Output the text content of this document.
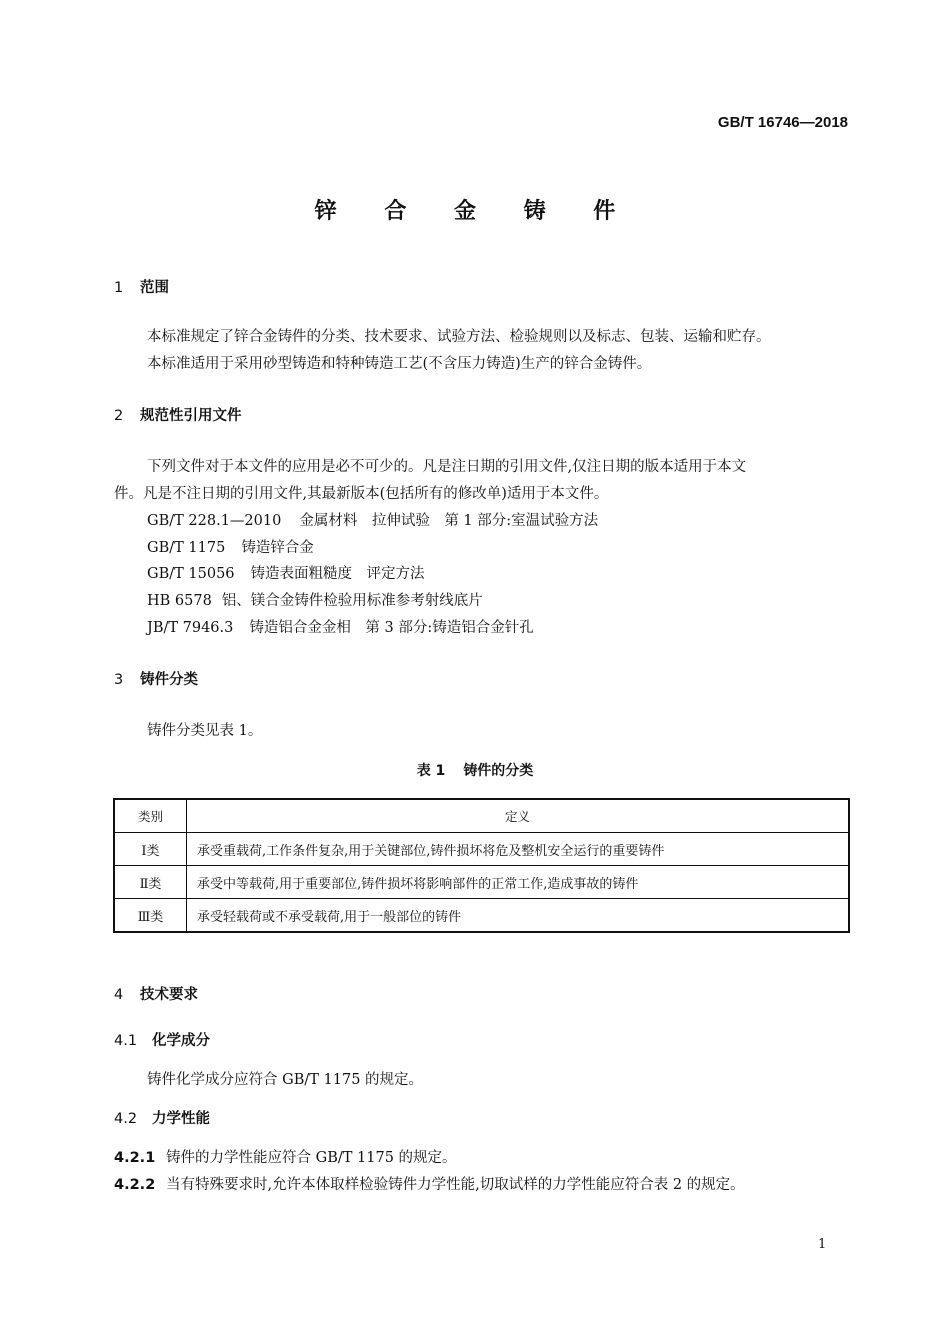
GB/T 16746—2018
锌 合 金 铸 件
1 范围
本标准规定了锌合金铸件的分类、技术要求、试验方法、检验规则以及标志、包装、运输和贮存。
本标准适用于采用砂型铸造和特种铸造工艺(不含压力铸造)生产的锌合金铸件。
2 规范性引用文件
下列文件对于本文件的应用是必不可少的。凡是注日期的引用文件,仅注日期的版本适用于本文
件。凡是不注日期的引用文件,其最新版本(包括所有的修改单)适用于本文件。
GB/T 228.1—2010 金属材料　拉伸试验　第 1 部分:室温试验方法
GB/T 1175 铸造锌合金
GB/T 15056 铸造表面粗糙度　评定方法
HB 6578 铝、镁合金铸件检验用标准参考射线底片
JB/T 7946.3 铸造铝合金金相　第 3 部分:铸造铝合金针孔
3 铸件分类
铸件分类见表 1。
表 1 铸件的分类
类别	定义
Ⅰ类	承受重载荷,工作条件复杂,用于关键部位,铸件损坏将危及整机安全运行的重要铸件
Ⅱ类	承受中等载荷,用于重要部位,铸件损坏将影响部件的正常工作,造成事故的铸件
Ⅲ类	承受轻载荷或不承受载荷,用于一般部位的铸件
4 技术要求
4.1 化学成分
铸件化学成分应符合 GB/T 1175 的规定。
4.2 力学性能
4.2.1 铸件的力学性能应符合 GB/T 1175 的规定。
4.2.2 当有特殊要求时,允许本体取样检验铸件力学性能,切取试样的力学性能应符合表 2 的规定。
1
